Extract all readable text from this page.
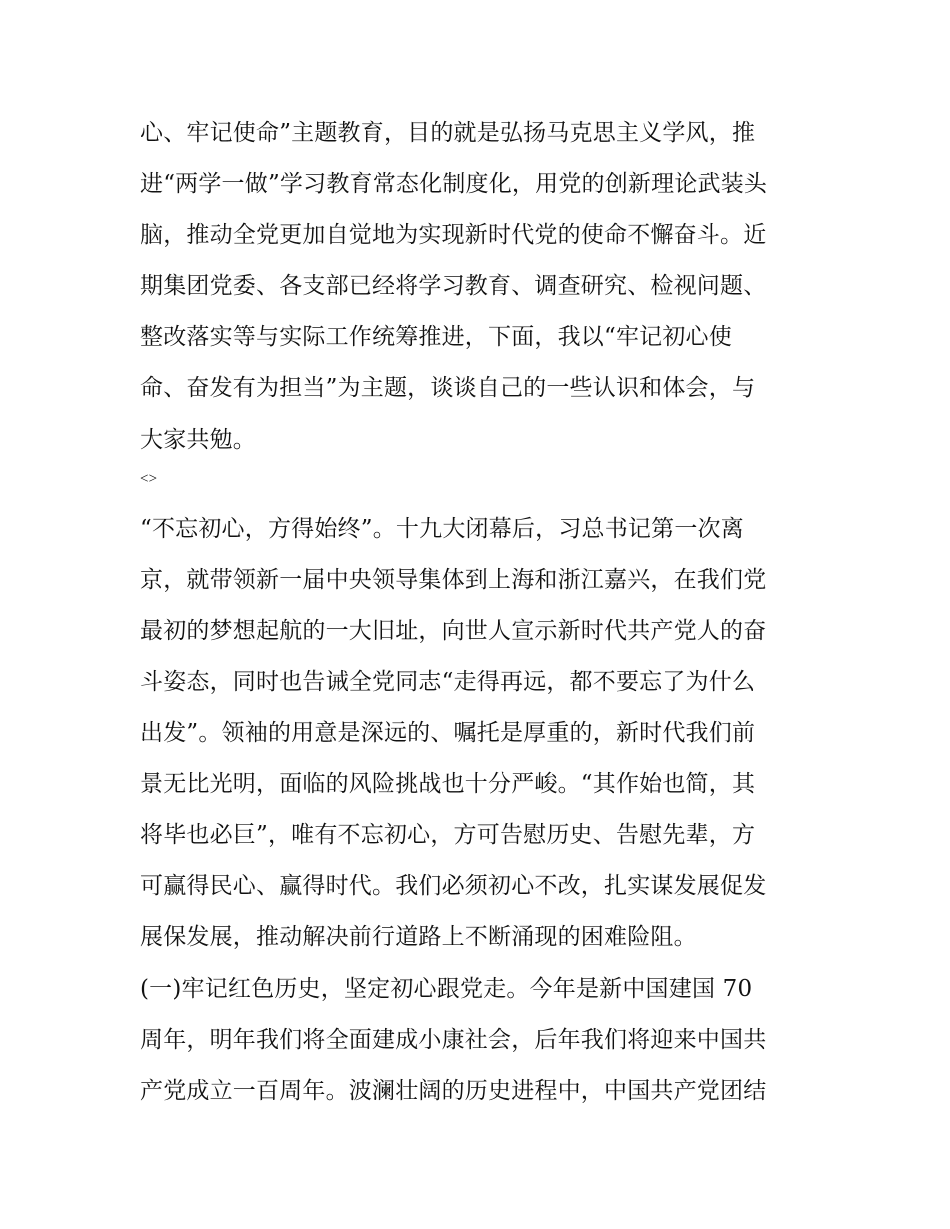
心、牢记使命”主题教育，目的就是弘扬马克思主义学风，推
进“两学一做”学习教育常态化制度化，用党的创新理论武装头
脑，推动全党更加自觉地为实现新时代党的使命不懈奋斗。近
期集团党委、各支部已经将学习教育、调查研究、检视问题、
整改落实等与实际工作统筹推进，下面，我以“牢记初心使
命、奋发有为担当”为主题，谈谈自己的一些认识和体会，与
大家共勉。
<>
“不忘初心，方得始终”。十九大闭幕后，习总书记第一次离
京，就带领新一届中央领导集体到上海和浙江嘉兴，在我们党
最初的梦想起航的一大旧址，向世人宣示新时代共产党人的奋
斗姿态，同时也告诫全党同志“走得再远，都不要忘了为什么
出发”。领袖的用意是深远的、嘱托是厚重的，新时代我们前
景无比光明，面临的风险挑战也十分严峻。“其作始也简，其
将毕也必巨”，唯有不忘初心，方可告慰历史、告慰先辈，方
可赢得民心、赢得时代。我们必须初心不改，扎实谋发展促发
展保发展，推动解决前行道路上不断涌现的困难险阻。
(一)牢记红色历史，坚定初心跟党走。今年是新中国建国 70
周年，明年我们将全面建成小康社会，后年我们将迎来中国共
产党成立一百周年。波澜壮阔的历史进程中，中国共产党团结
